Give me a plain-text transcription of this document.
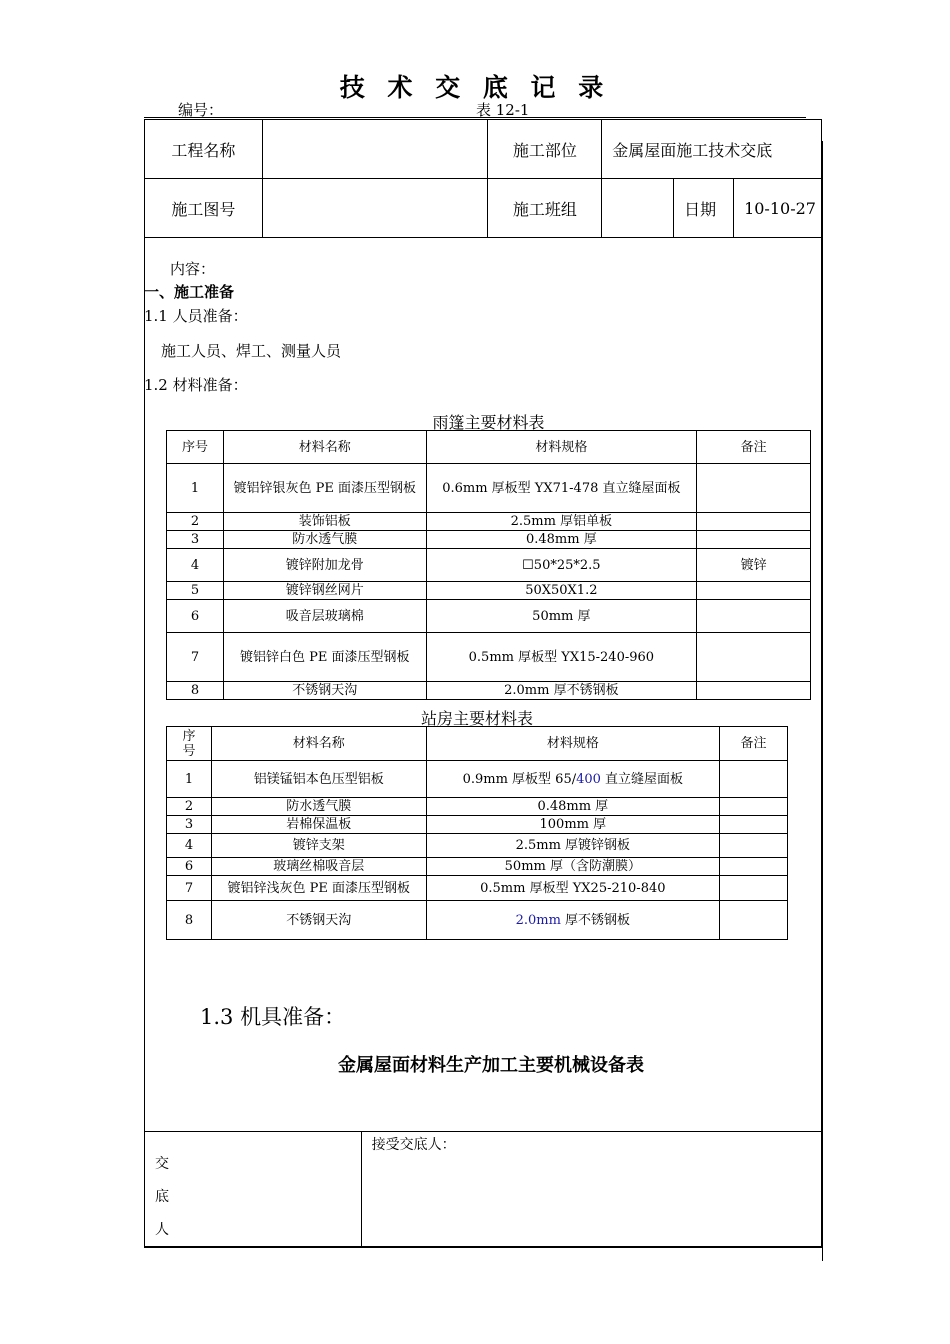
技 术 交 底 记 录
编号：	表 12-1
工程名称		施工部位	金属屋面施工技术交底		
施工图号		施工班组		日期	10-10-27
内容：
一、施工准备
1.1 人员准备：
施工人员、焊工、测量人员
1.2 材料准备：
雨篷主要材料表
序号	材料名称	材料规格	备注
1	镀铝锌银灰色 PE 面漆压型钢板	0.6mm 厚板型 YX71-478 直立缝屋面板	
2	装饰铝板	2.5mm 厚铝单板	
3	防水透气膜	0.48mm 厚	
4	镀锌附加龙骨	☐50*25*2.5	镀锌
5	镀锌钢丝网片	50X50X1.2	
6	吸音层玻璃棉	50mm 厚	
7	镀铝锌白色 PE 面漆压型钢板	0.5mm 厚板型 YX15-240-960	
8	不锈钢天沟	2.0mm 厚不锈钢板	
站房主要材料表
序号	材料名称	材料规格	备注
1	铝镁锰铝本色压型铝板	0.9mm 厚板型 65/400 直立缝屋面板	
2	防水透气膜	0.48mm 厚	
3	岩棉保温板	100mm 厚	
4	镀锌支架	2.5mm 厚镀锌钢板	
6	玻璃丝棉吸音层	50mm 厚（含防潮膜）	
7	镀铝锌浅灰色 PE 面漆压型钢板	0.5mm 厚板型 YX25-210-840	
8	不锈钢天沟	2.0mm 厚不锈钢板	
1.3 机具准备：
金属屋面材料生产加工主要机械设备表
交
底
人
	接受交底人：
